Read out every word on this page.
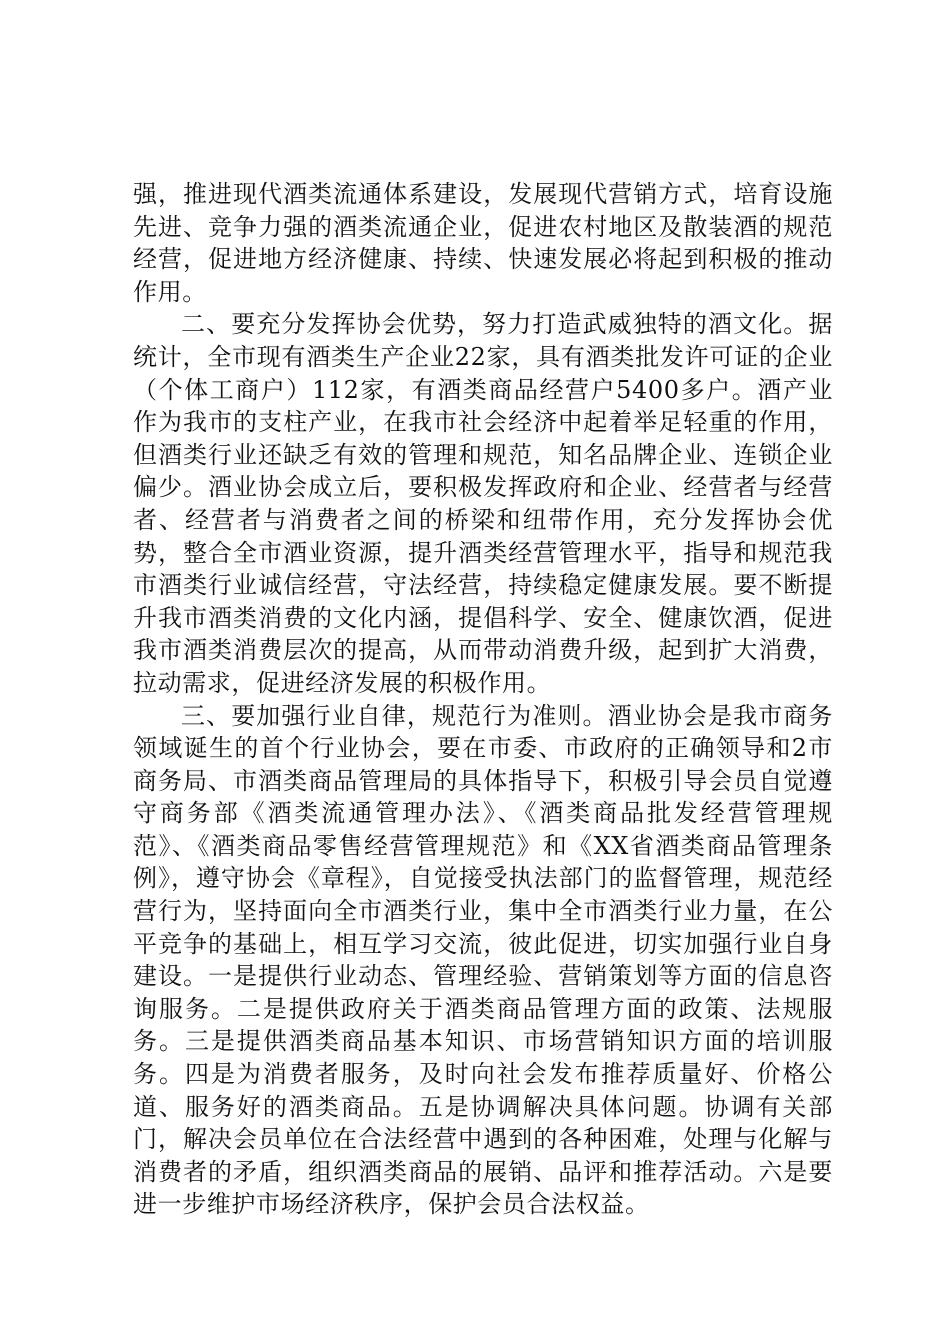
强，推进现代酒类流通体系建设，发展现代营销方式，培育设施先进、竞争力强的酒类流通企业，促进农村地区及散装酒的规范经营，促进地方经济健康、持续、快速发展必将起到积极的推动作用。

二、要充分发挥协会优势，努力打造武威独特的酒文化。据统计，全市现有酒类生产企业22家，具有酒类批发许可证的企业（个体工商户）112家，有酒类商品经营户5400多户。酒产业作为我市的支柱产业，在我市社会经济中起着举足轻重的作用，但酒类行业还缺乏有效的管理和规范，知名品牌企业、连锁企业偏少。酒业协会成立后，要积极发挥政府和企业、经营者与经营者、经营者与消费者之间的桥梁和纽带作用，充分发挥协会优势，整合全市酒业资源，提升酒类经营管理水平，指导和规范我市酒类行业诚信经营，守法经营，持续稳定健康发展。要不断提升我市酒类消费的文化内涵，提倡科学、安全、健康饮酒，促进我市酒类消费层次的提高，从而带动消费升级，起到扩大消费，拉动需求，促进经济发展的积极作用。

三、要加强行业自律，规范行为准则。酒业协会是我市商务领域诞生的首个行业协会，要在市委、市政府的正确领导和2市商务局、市酒类商品管理局的具体指导下，积极引导会员自觉遵守商务部《酒类流通管理办法》、《酒类商品批发经营管理规范》、《酒类商品零售经营管理规范》和《XX省酒类商品管理条例》，遵守协会《章程》，自觉接受执法部门的监督管理，规范经营行为，坚持面向全市酒类行业，集中全市酒类行业力量，在公平竞争的基础上，相互学习交流，彼此促进，切实加强行业自身建设。一是提供行业动态、管理经验、营销策划等方面的信息咨询服务。二是提供政府关于酒类商品管理方面的政策、法规服务。三是提供酒类商品基本知识、市场营销知识方面的培训服务。四是为消费者服务，及时向社会发布推荐质量好、价格公道、服务好的酒类商品。五是协调解决具体问题。协调有关部门，解决会员单位在合法经营中遇到的各种困难，处理与化解与消费者的矛盾，组织酒类商品的展销、品评和推荐活动。六是要进一步维护市场经济秩序，保护会员合法权益。
